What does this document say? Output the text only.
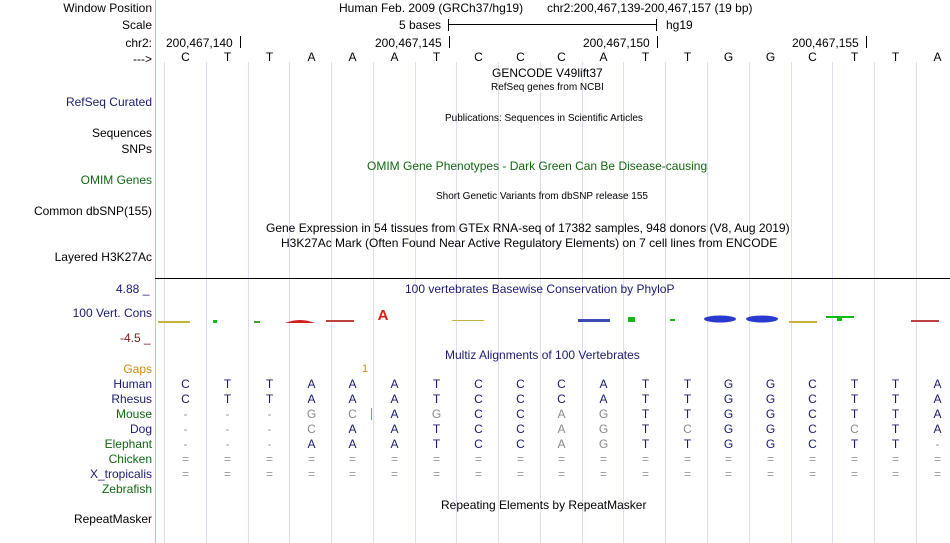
Window Position	Human Feb. 2009 (GRCh37/hg19) chr2:200,467,139-200,467,157 (19 bp)
Scale	5 bases	hg19
chr2: 200,467,140	200,467,145	200,467,150	200,467,155
--->	C	T	T	A	A	A	T	C	C	C	A	T	T	G	G	C	T	T	A
GENCODE V49lift37
RefSeq genes from NCBI
RefSeq Curated
Publications: Sequences in Scientific Articles
Sequences
SNPs
OMIM Gene Phenotypes - Dark Green Can Be Disease-causing
OMIM Genes
Short Genetic Variants from dbSNP release 155
Common dbSNP(155)
Gene Expression in 54 tissues from GTEx RNA-seq of 17382 samples, 948 donors (V8, Aug 2019)
H3K27Ac Mark (Often Found Near Active Regulatory Elements) on 7 cell lines from ENCODE
Layered H3K27Ac
100 vertebrates Basewise Conservation by PhyloP
4.88 _
100 Vert. Cons
-4.5 _
A
Multiz Alignments of 100 Vertebrates
Gaps	1
Human	C	T	T	A	A	A	T	C	C	C	A	T	T	G	G	C	T	T	A
Rhesus	C	T	T	A	A	A	T	C	C	C	A	T	T	G	G	C	T	T	A
Mouse	-	-	-	G	C	A	G	C	C	A	G	T	T	G	G	C	T	T	A
Dog	-	-	-	C	A	A	T	C	C	A	G	T	C	G	G	C	C	T	A
Elephant	-	-	-	A	A	A	T	C	C	A	G	T	T	G	G	C	T	T	-
Chicken	=	=	=	=	=	=	=	=	=	=	=	=	=	=	=	=	=	=	=
X_tropicalis	=	=	=	=	=	=	=	=	=	=	=	=	=	=	=	=	=	=	=
Zebrafish
Repeating Elements by RepeatMasker
RepeatMasker
